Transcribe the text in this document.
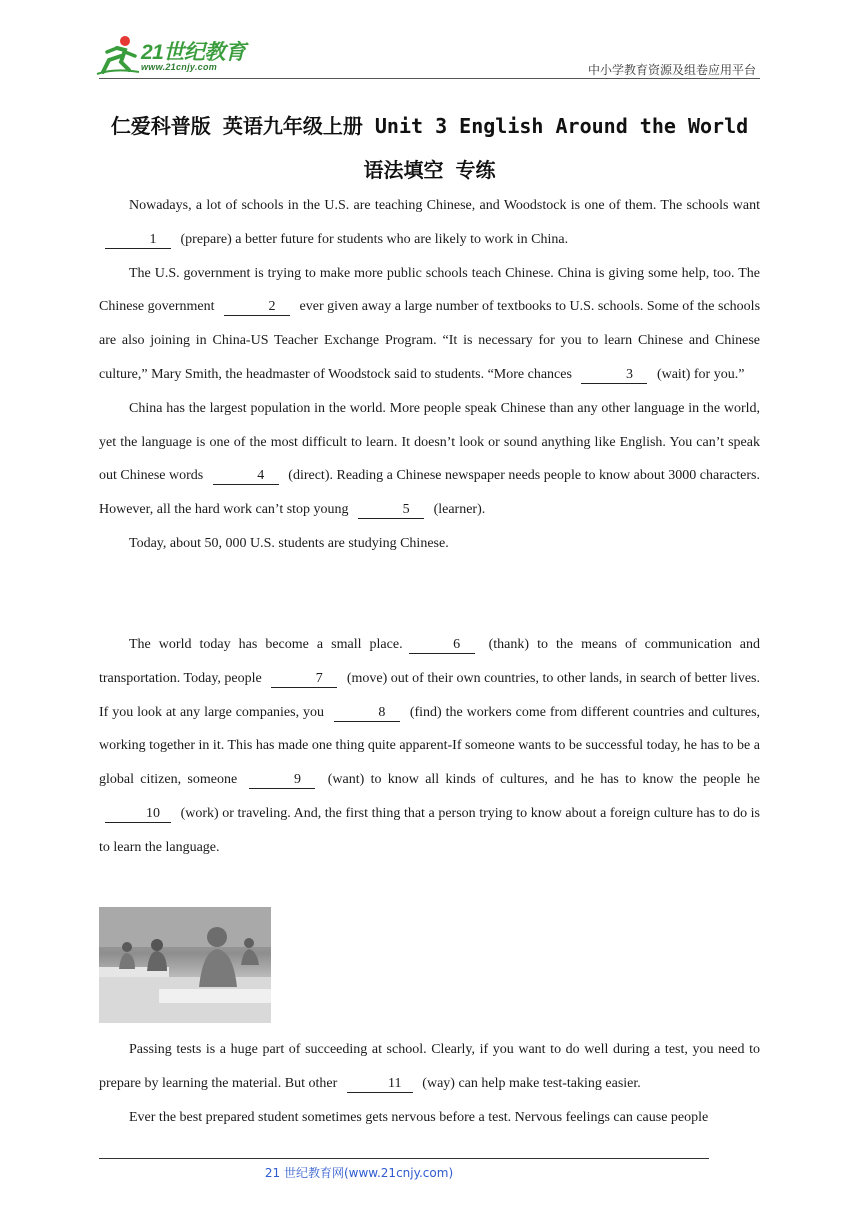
21世纪教育
www.21cnjy.com	中小学教育资源及组卷应用平台
仁爱科普版 英语九年级上册 Unit 3 English Around the World 语法填空 专练

Nowadays, a lot of schools in the U.S. are teaching Chinese, and Woodstock is one of them. The schools want 1 (prepare) a better future for students who are likely to work in China.

The U.S. government is trying to make more public schools teach Chinese. China is giving some help, too. The Chinese government	2 ever given away a large number of textbooks to U.S. schools. Some of the schools are also joining in China-US Teacher Exchange Program. “It is necessary for you to learn Chinese and Chinese culture,” Mary Smith, the headmaster of Woodstock said to students. “More chances	3 (wait) for you.”

China has the largest population in the world. More people speak Chinese than any other language in the world, yet the language is one of the most difficult to learn. It doesn’t look or sound anything like English. You can’t speak out Chinese words	4 (direct). Reading a Chinese newspaper needs people to know about 3000 characters. However, all the hard work can’t stop young	5 (learner).

Today, about 50, 000 U.S. students are studying Chinese.

The world today has become a small place.	6 (thank) to the means of communication and transportation. Today, people	7 (move) out of their own countries, to other lands, in search of better lives. If you look at any large companies, you	8 (find) the workers come from different countries and cultures, working together in it. This has made one thing quite apparent-If someone wants to be successful today, he has to be a global citizen, someone	9 (want) to know all kinds of cultures, and he has to know the people he 10 (work) or traveling. And, the first thing that a person trying to know about a foreign culture has to do is to learn the language.

Passing tests is a huge part of succeeding at school. Clearly, if you want to do well during a test, you need to prepare by learning the material. But other	11 (way) can help make test-taking easier.

Ever the best prepared student sometimes gets nervous before a test. Nervous feelings can cause people

21 世纪教育网(www.21cnjy.com)
